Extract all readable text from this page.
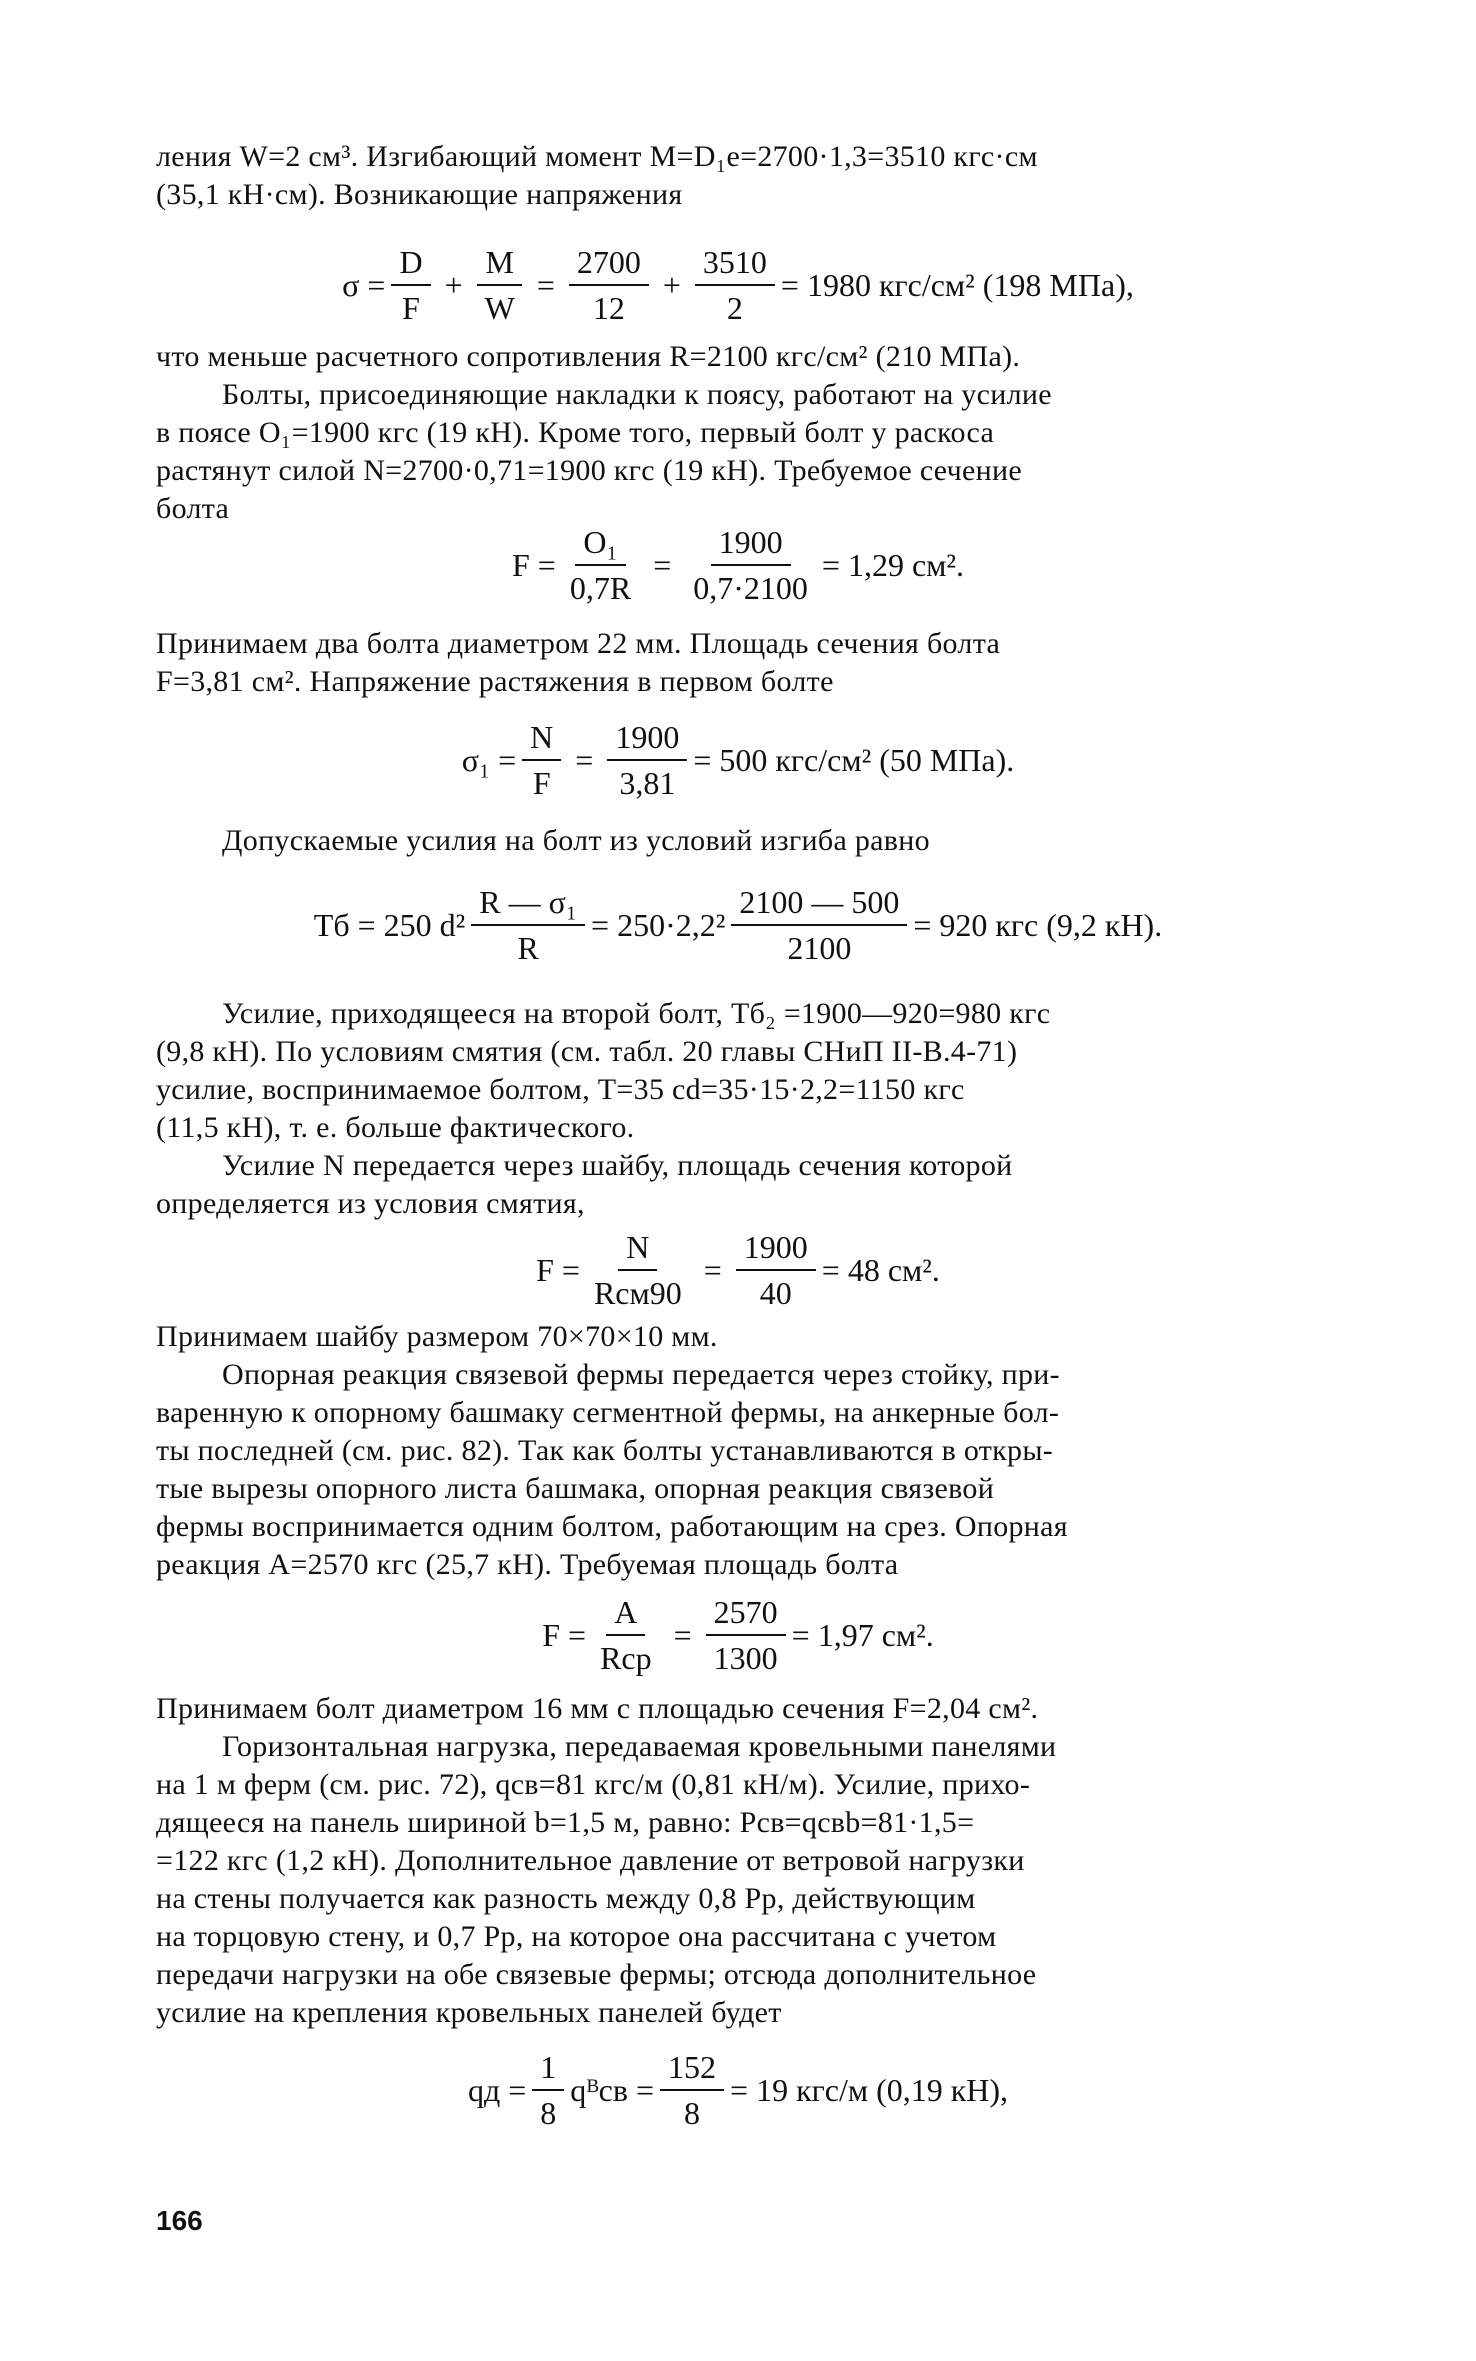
ления W=2 см³. Изгибающий момент M=D₁e=2700·1,3=3510 кгс·см
(35,1 кН·см). Возникающие напряжения
$\sigma = \frac{D}{F} + \frac{M}{W} = \frac{2700}{12} + \frac{3510}{2} = 1980$ кгс/см² (198 МПа),
что меньше расчетного сопротивления R=2100 кгс/см² (210 МПа).
Болты, присоединяющие накладки к поясу, работают на усилие
в поясе O₁=1900 кгс (19 кН). Кроме того, первый болт у раскоса
растянут силой N=2700·0,71=1900 кгс (19 кН). Требуемое сечение
болта
$F = \frac{\text{O₁}}{0,7R} = \frac{1900}{0,7\cdot 2100} = 1,29$ см².
Принимаем два болта диаметром 22 мм. Площадь сечения болта
F=3,81 см². Напряжение растяжения в первом болте
$\sigma_1 = \frac{N}{F} = \frac{1900}{3,81} = 500$ кгс/см² (50 МПа).
Допускаемые усилия на болт из условий изгиба равно
Tб = 250 $d^2 \frac{\text{R — σ₁}}{R} = 250\cdot 2,2^2 \frac{2100 — 500}{2100} = 920$ кгс (9,2 кН).
Усилие, приходящееся на второй болт, Tб₂ =1900—920=980 кгс
(9,8 кН). По условиям смятия (см. табл. 20 главы СНиП II-В.4-71)
усилие, воспринимаемое болтом, T=35 cd=35·15·2,2=1150 кгс
(11,5 кН), т. е. больше фактического.
Усилие N передается через шайбу, площадь сечения которой
определяется из условия смятия,
$F = \frac{N}{\text{Rсм90}} = \frac{1900}{40} = 48$ см².
Принимаем шайбу размером 70×70×10 мм.
Опорная реакция связевой фермы передается через стойку, при-
варенную к опорному башмаку сегментной фермы, на анкерные бол-
ты последней (см. рис. 82). Так как болты устанавливаются в откры-
тые вырезы опорного листа башмака, опорная реакция связевой
фермы воспринимается одним болтом, работающим на срез. Опорная
реакция A=2570 кгс (25,7 кН). Требуемая площадь болта
$F = \frac{A}{\text{Rср}} = \frac{2570}{1300} = 1,97$ см².
Принимаем болт диаметром 16 мм с площадью сечения F=2,04 см².
Горизонтальная нагрузка, передаваемая кровельными панелями
на 1 м ферм (см. рис. 72), qсв=81 кгс/м (0,81 кН/м). Усилие, прихо-
дящееся на панель шириной b=1,5 м, равно: Pсв=qсвb=81·1,5=
=122 кгс (1,2 кН). Дополнительное давление от ветровой нагрузки
на стены получается как разность между 0,8 Pр, действующим
на торцовую стену, и 0,7 Pр, на которое она рассчитана с учетом
передачи нагрузки на обе связевые фермы; отсюда дополнительное
усилие на крепления кровельных панелей будет
qд = $\frac{1}{8}$ qᴮсв = $\frac{152}{8} = 19$ кгс/м (0,19 кН),
166
